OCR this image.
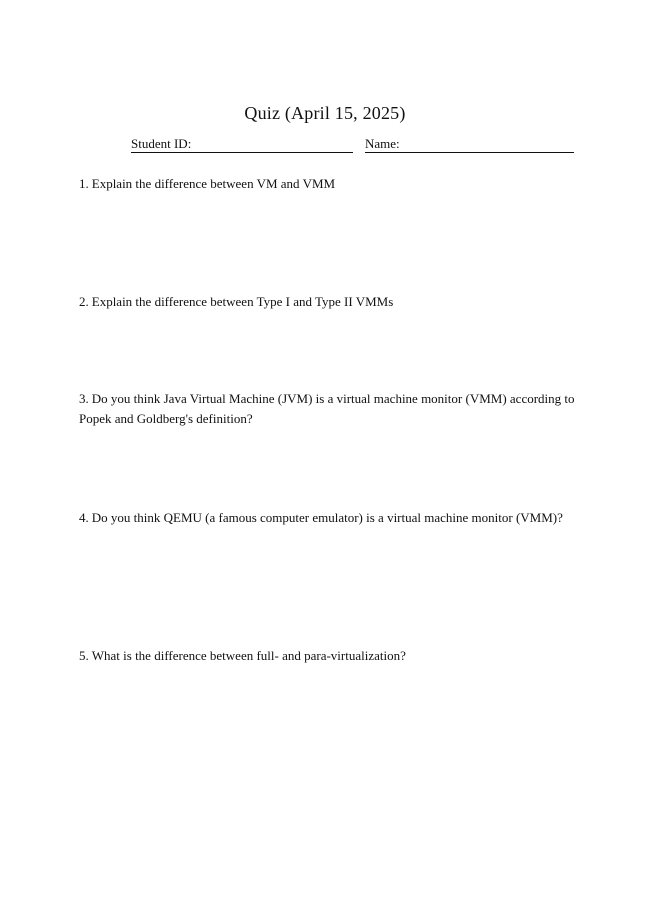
Quiz (April 15, 2025)
Student ID:	Name:
1. Explain the difference between VM and VMM
2. Explain the difference between Type I and Type II VMMs
3. Do you think Java Virtual Machine (JVM) is a virtual machine monitor (VMM) according to Popek and Goldberg's definition?
4. Do you think QEMU (a famous computer emulator) is a virtual machine monitor (VMM)?
5. What is the difference between full- and para-virtualization?
